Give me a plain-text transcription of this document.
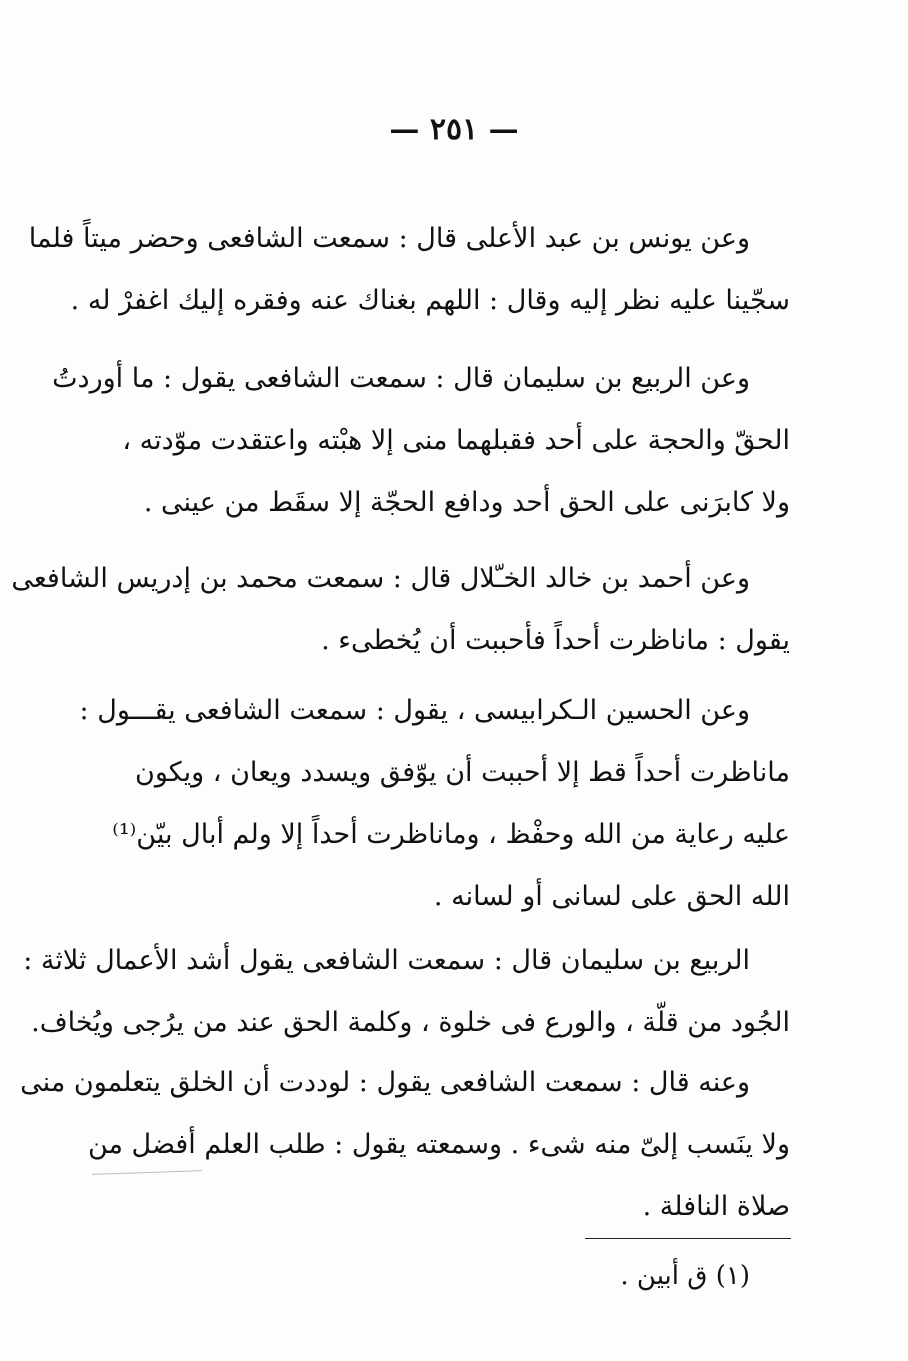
— ٢٥١ —
وعن يونس بن عبد الأعلى قال : سمعت الشافعى وحضر ميتاً فلما
سجّينا عليه نظر إليه وقال : اللهم بغناك عنه وفقره إليك اغفرْ له .
وعن الربيع بن سليمان قال : سمعت الشافعى يقول : ما أوردتُ
الحقّ والحجة على أحد فقبلهما منى إلا هبْته واعتقدت موّدته ،
ولا كابرَنى على الحق أحد ودافع الحجّة إلا سقَط من عينى .
وعن أحمد بن خالد الخـّلال قال : سمعت محمد بن إدريس الشافعى
يقول : ماناظرت أحداً فأحببت أن يُخطىء .
وعن الحسين الـكرابيسى ، يقول : سمعت الشافعى يقـــول :
ماناظرت أحداً قط إلا أحببت أن يوّفق ويسدد ويعان ، ويكون
عليه رعاية من الله وحفْظ ، وماناظرت أحداً إلا ولم أبال بيّن⁽¹⁾
الله الحق على لسانى أو لسانه .
الربيع بن سليمان قال : سمعت الشافعى يقول أشد الأعمال ثلاثة :
الجُود من قلّة ، والورع فى خلوة ، وكلمة الحق عند من يرُجى ويُخاف.
وعنه قال : سمعت الشافعى يقول : لوددت أن الخلق يتعلمون منى
ولا ينَسب إلىّ منه شىء . وسمعته يقول : طلب العلم أفضل من
صلاة النافلة .
(١) ق أبين .
